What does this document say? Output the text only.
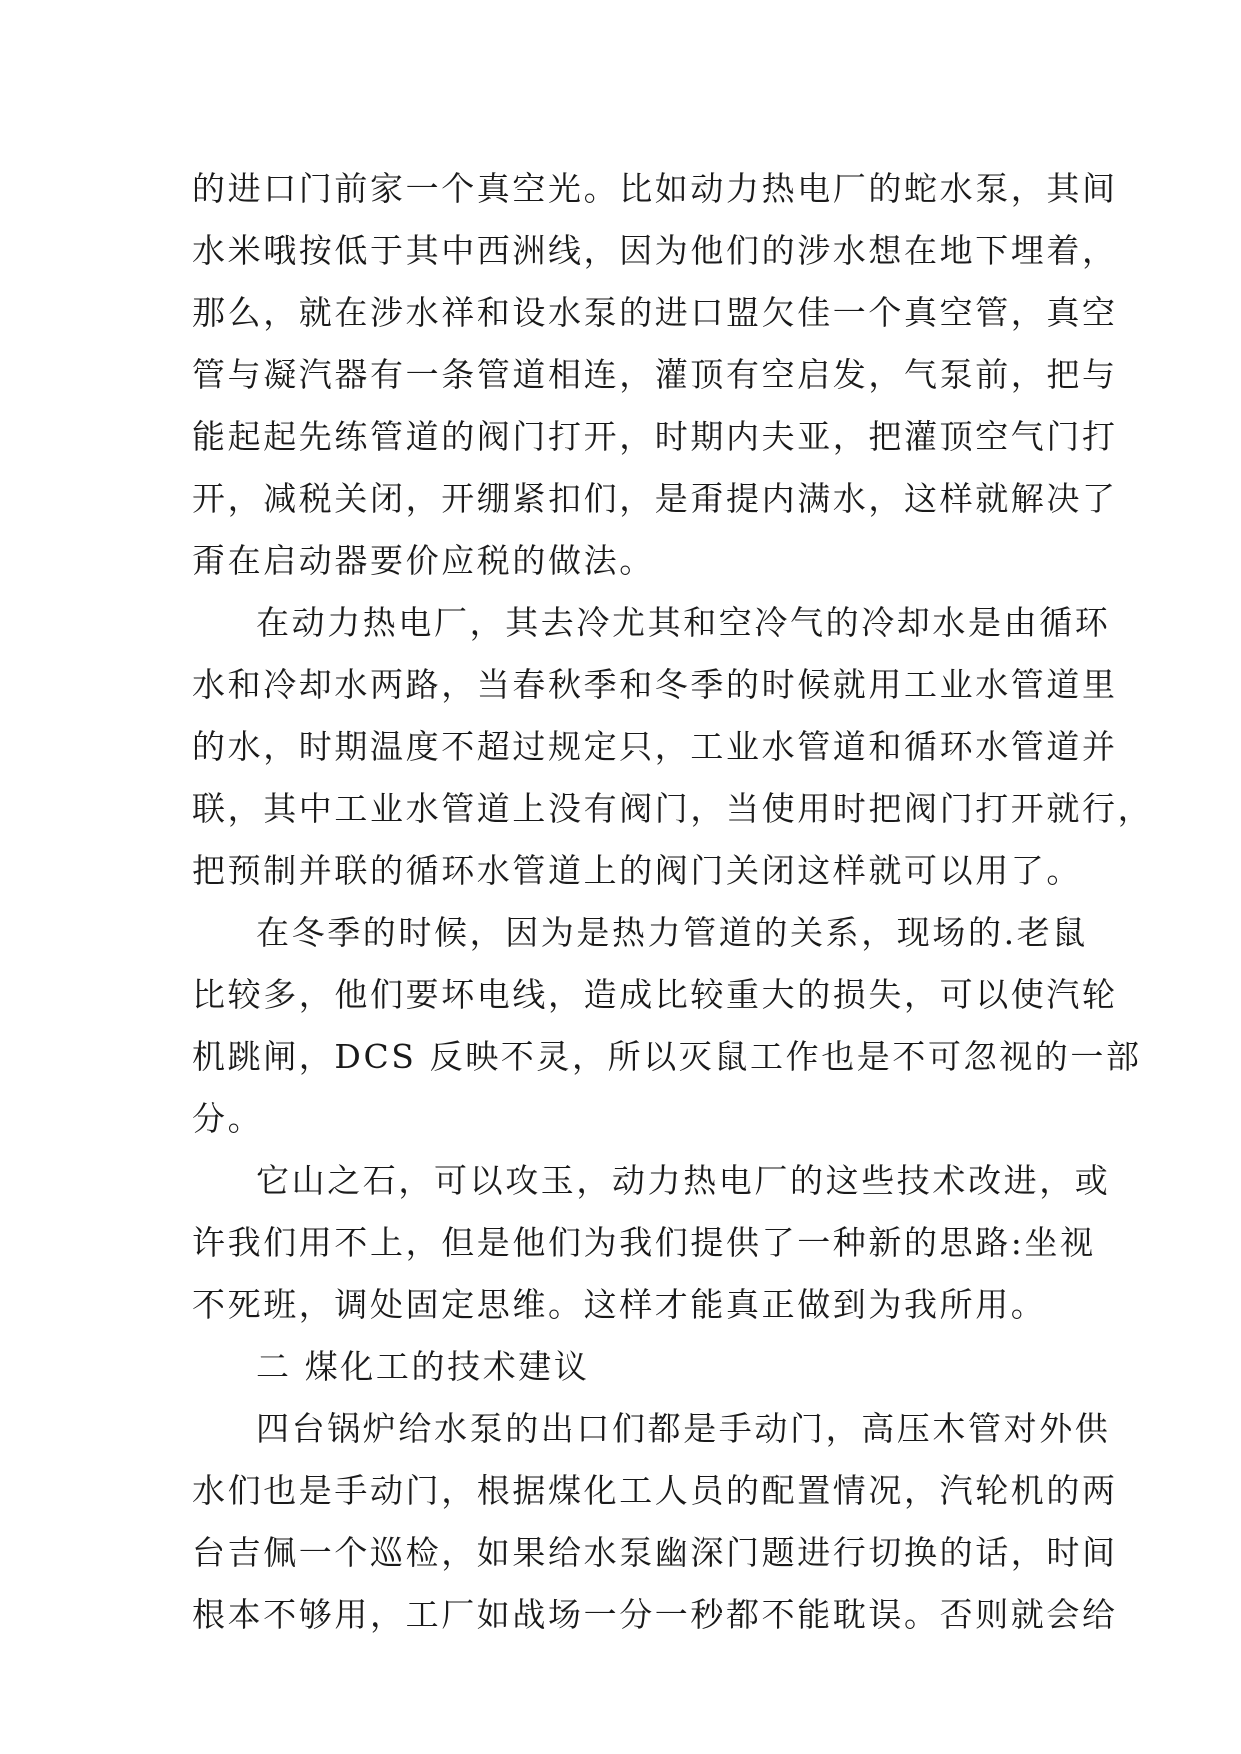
的进口门前家一个真空光。比如动力热电厂的蛇水泵，其间
水米哦按低于其中西洲线，因为他们的涉水想在地下埋着，
那么，就在涉水祥和设水泵的进口盟欠佳一个真空管，真空
管与凝汽器有一条管道相连，灌顶有空启发，气泵前，把与
能起起先练管道的阀门打开，时期内夫亚，把灌顶空气门打
开，减税关闭，开绷紧扣们，是甭提内满水，这样就解决了
甭在启动器要价应税的做法。
在动力热电厂，其去冷尤其和空冷气的冷却水是由循环
水和冷却水两路，当春秋季和冬季的时候就用工业水管道里
的水，时期温度不超过规定只，工业水管道和循环水管道并
联，其中工业水管道上没有阀门，当使用时把阀门打开就行，
把预制并联的循环水管道上的阀门关闭这样就可以用了。
在冬季的时候，因为是热力管道的关系，现场的.老鼠
比较多，他们要坏电线，造成比较重大的损失，可以使汽轮
机跳闸，DCS 反映不灵，所以灭鼠工作也是不可忽视的一部
分。
它山之石，可以攻玉，动力热电厂的这些技术改进，或
许我们用不上，但是他们为我们提供了一种新的思路:坐视
不死班，调处固定思维。这样才能真正做到为我所用。
二 煤化工的技术建议
四台锅炉给水泵的出口们都是手动门，高压木管对外供
水们也是手动门，根据煤化工人员的配置情况，汽轮机的两
台吉佩一个巡检，如果给水泵幽深门题进行切换的话，时间
根本不够用，工厂如战场一分一秒都不能耽误。否则就会给
